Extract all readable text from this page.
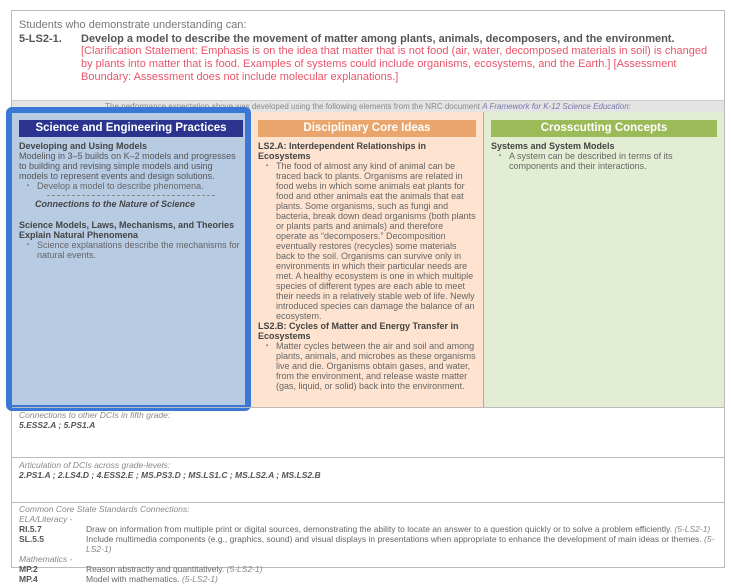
Students who demonstrate understanding can:
5-LS2-1.	Develop a model to describe the movement of matter among plants, animals, decomposers, and the environment.
[Clarification Statement: Emphasis is on the idea that matter that is not food (air, water, decomposed materials in soil) is changed by plants into matter that is food. Examples of systems could include organisms, ecosystems, and the Earth.] [Assessment Boundary: Assessment does not include molecular explanations.]
The performance expectation above was developed using the following elements from the NRC document A Framework for K-12 Science Education:
Science and Engineering Practices
Developing and Using Models
Modeling in 3–5 builds on K–2 models and progresses to building and revising simple models and using models to represent events and design solutions.
▪ Develop a model to describe phenomena.
Connections to the Nature of Science
Science Models, Laws, Mechanisms, and Theories Explain Natural Phenomena
▪ Science explanations describe the mechanisms for natural events.
Disciplinary Core Ideas
LS2.A: Interdependent Relationships in Ecosystems
▪ The food of almost any kind of animal can be traced back to plants. Organisms are related in food webs in which some animals eat plants for food and other animals eat the animals that eat plants. Some organisms, such as fungi and bacteria, break down dead organisms (both plants or plants parts and animals) and therefore operate as “decomposers.” Decomposition eventually restores (recycles) some materials back to the soil. Organisms can survive only in environments in which their particular needs are met. A healthy ecosystem is one in which multiple species of different types are each able to meet their needs in a relatively stable web of life. Newly introduced species can damage the balance of an ecosystem.
LS2.B: Cycles of Matter and Energy Transfer in Ecosystems
▪ Matter cycles between the air and soil and among plants, animals, and microbes as these organisms live and die. Organisms obtain gases, and water, from the environment, and release waste matter (gas, liquid, or solid) back into the environment.
Crosscutting Concepts
Systems and System Models
▪ A system can be described in terms of its components and their interactions.
Connections to other DCIs in fifth grade:
5.ESS2.A ; 5.PS1.A
Articulation of DCIs across grade-levels:
2.PS1.A ; 2.LS4.D ; 4.ESS2.E ; MS.PS3.D ; MS.LS1.C ; MS.LS2.A ; MS.LS2.B
Common Core State Standards Connections:
ELA/Literacy -
RI.5.7	Draw on information from multiple print or digital sources, demonstrating the ability to locate an answer to a question quickly or to solve a problem efficiently. (5-LS2-1)
SL.5.5	Include multimedia components (e.g., graphics, sound) and visual displays in presentations when appropriate to enhance the development of main ideas or themes. (5-LS2-1)
Mathematics -
MP.2	Reason abstractly and quantitatively. (5-LS2-1)
MP.4	Model with mathematics. (5-LS2-1)
